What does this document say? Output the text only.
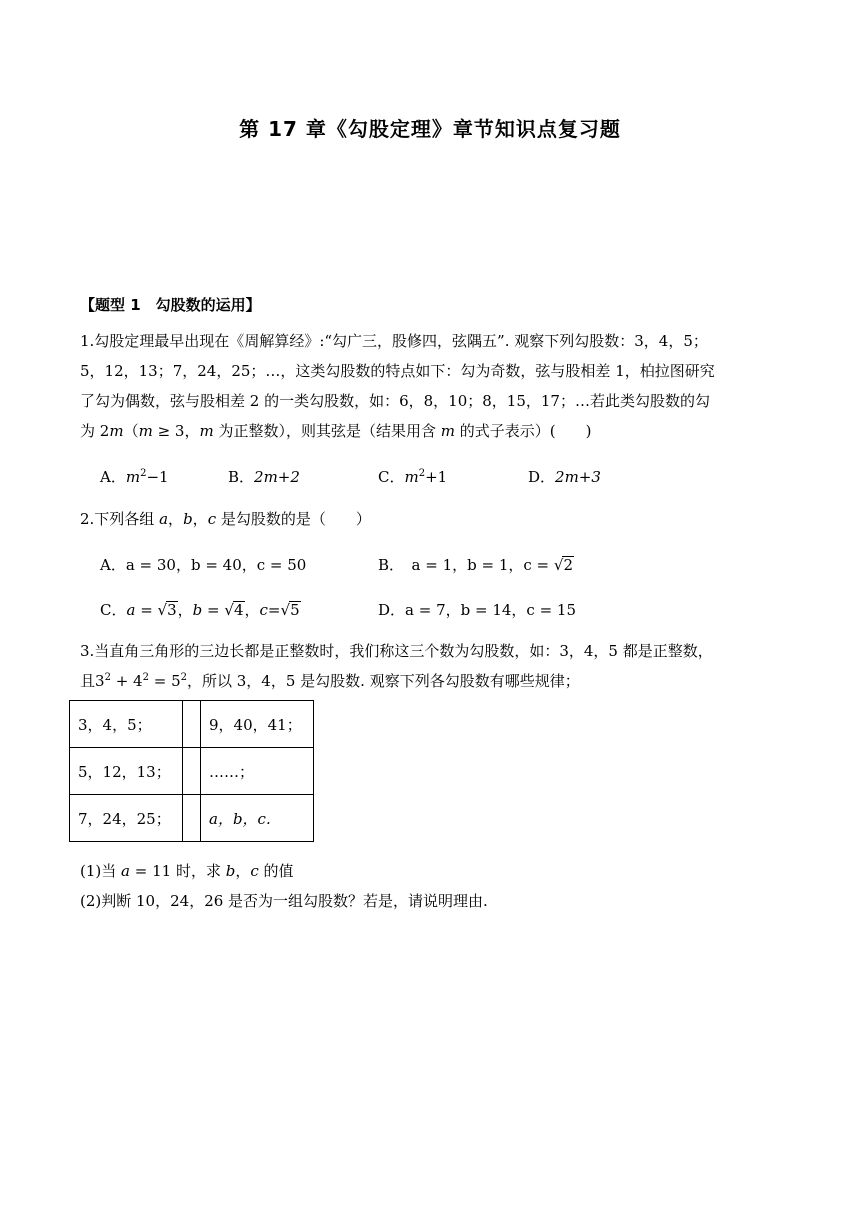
第 17 章《勾股定理》章节知识点复习题
【题型 1　勾股数的运用】
1.勾股定理最早出现在《周解算经》:“勾广三，股修四，弦隅五”. 观察下列勾股数：3，4，5；
5，12，13；7，24，25；…，这类勾股数的特点如下：勾为奇数，弦与股相差 1，柏拉图研究
了勾为偶数，弦与股相差 2 的一类勾股数，如：6，8，10；8，15，17；…若此类勾股数的勾
为 2m（m ≥ 3，m 为正整数），则其弦是（结果用含 m 的式子表示）(　　)
A．$m^2-1$	B．2m+2	C．$m^2+1$	D．2m+3
2.下列各组 a，b，c 是勾股数的是（　　）
A．a = 30，b = 40，c = 50	B．　a = 1，b = 1，c = √2
C．a = √3，b = √4，c=√5	D．a = 7，b = 14，c = 15
3.当直角三角形的三边长都是正整数时，我们称这三个数为勾股数，如：3，4，5 都是正整数，
且$3^2 + 4^2 = 5^2$，所以 3，4，5 是勾股数. 观察下列各勾股数有哪些规律；
3，4，5；		9，40，41；
5，12，13；		……；
7，24，25；		a，b，c.
(1)当 a = 11 时，求 b，c 的值
(2)判断 10，24，26 是否为一组勾股数？若是，请说明理由.
